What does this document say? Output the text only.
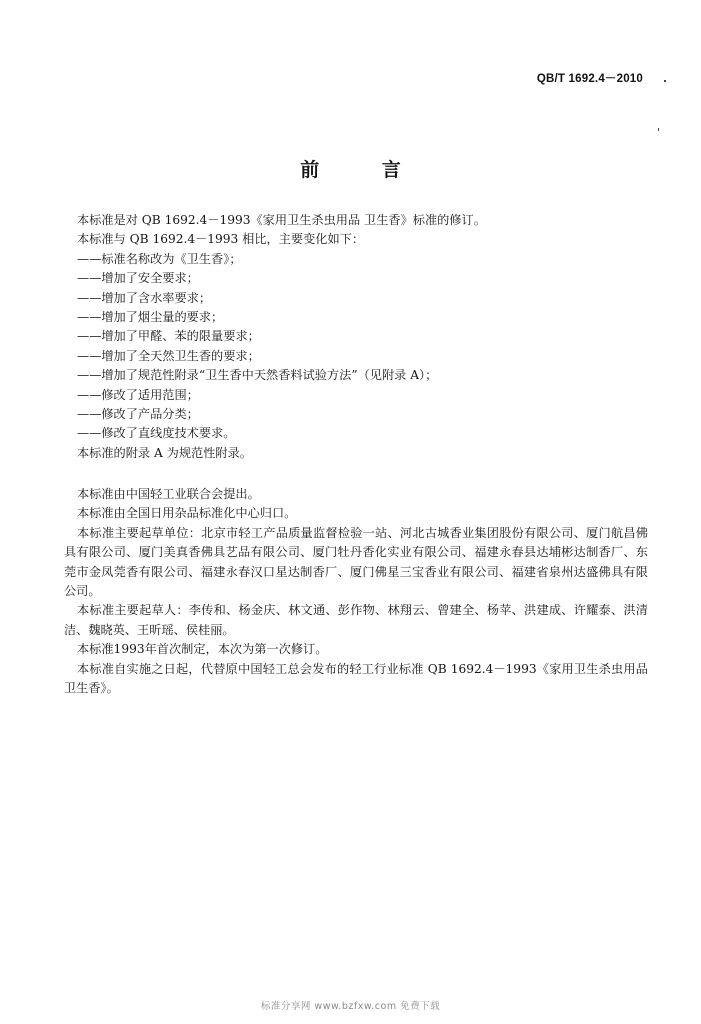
QB/T 1692.4－2010
前 言

本标准是对 QB 1692.4－1993《家用卫生杀虫用品 卫生香》标准的修订。

本标准与 QB 1692.4－1993 相比，主要变化如下：

——标准名称改为《卫生香》；

——增加了安全要求；

——增加了含水率要求；

——增加了烟尘量的要求；

——增加了甲醛、苯的限量要求；

——增加了全天然卫生香的要求；

——增加了规范性附录“卫生香中天然香料试验方法”（见附录 A）；

——修改了适用范围；

——修改了产品分类；

——修改了直线度技术要求。

本标准的附录 A 为规范性附录。

本标准由中国轻工业联合会提出。

本标准由全国日用杂品标准化中心归口。

本标准主要起草单位：北京市轻工产品质量监督检验一站、河北古城香业集团股份有限公司、厦门航昌佛具有限公司、厦门美真香佛具艺品有限公司、厦门牡丹香化实业有限公司、福建永春县达埔彬达制香厂、东莞市金凤莞香有限公司、福建永春汉口星达制香厂、厦门佛星三宝香业有限公司、福建省泉州达盛佛具有限公司。

本标准主要起草人：李传和、杨金庆、林文通、彭作物、林翔云、曾建全、杨苹、洪建成、许耀泰、洪清洁、魏晓英、王昕瑶、侯桂丽。

本标准1993年首次制定，本次为第一次修订。

本标准自实施之日起，代替原中国轻工总会发布的轻工行业标准 QB 1692.4－1993《家用卫生杀虫用品 卫生香》。

标准分享网 www.bzfxw.com 免费下载
